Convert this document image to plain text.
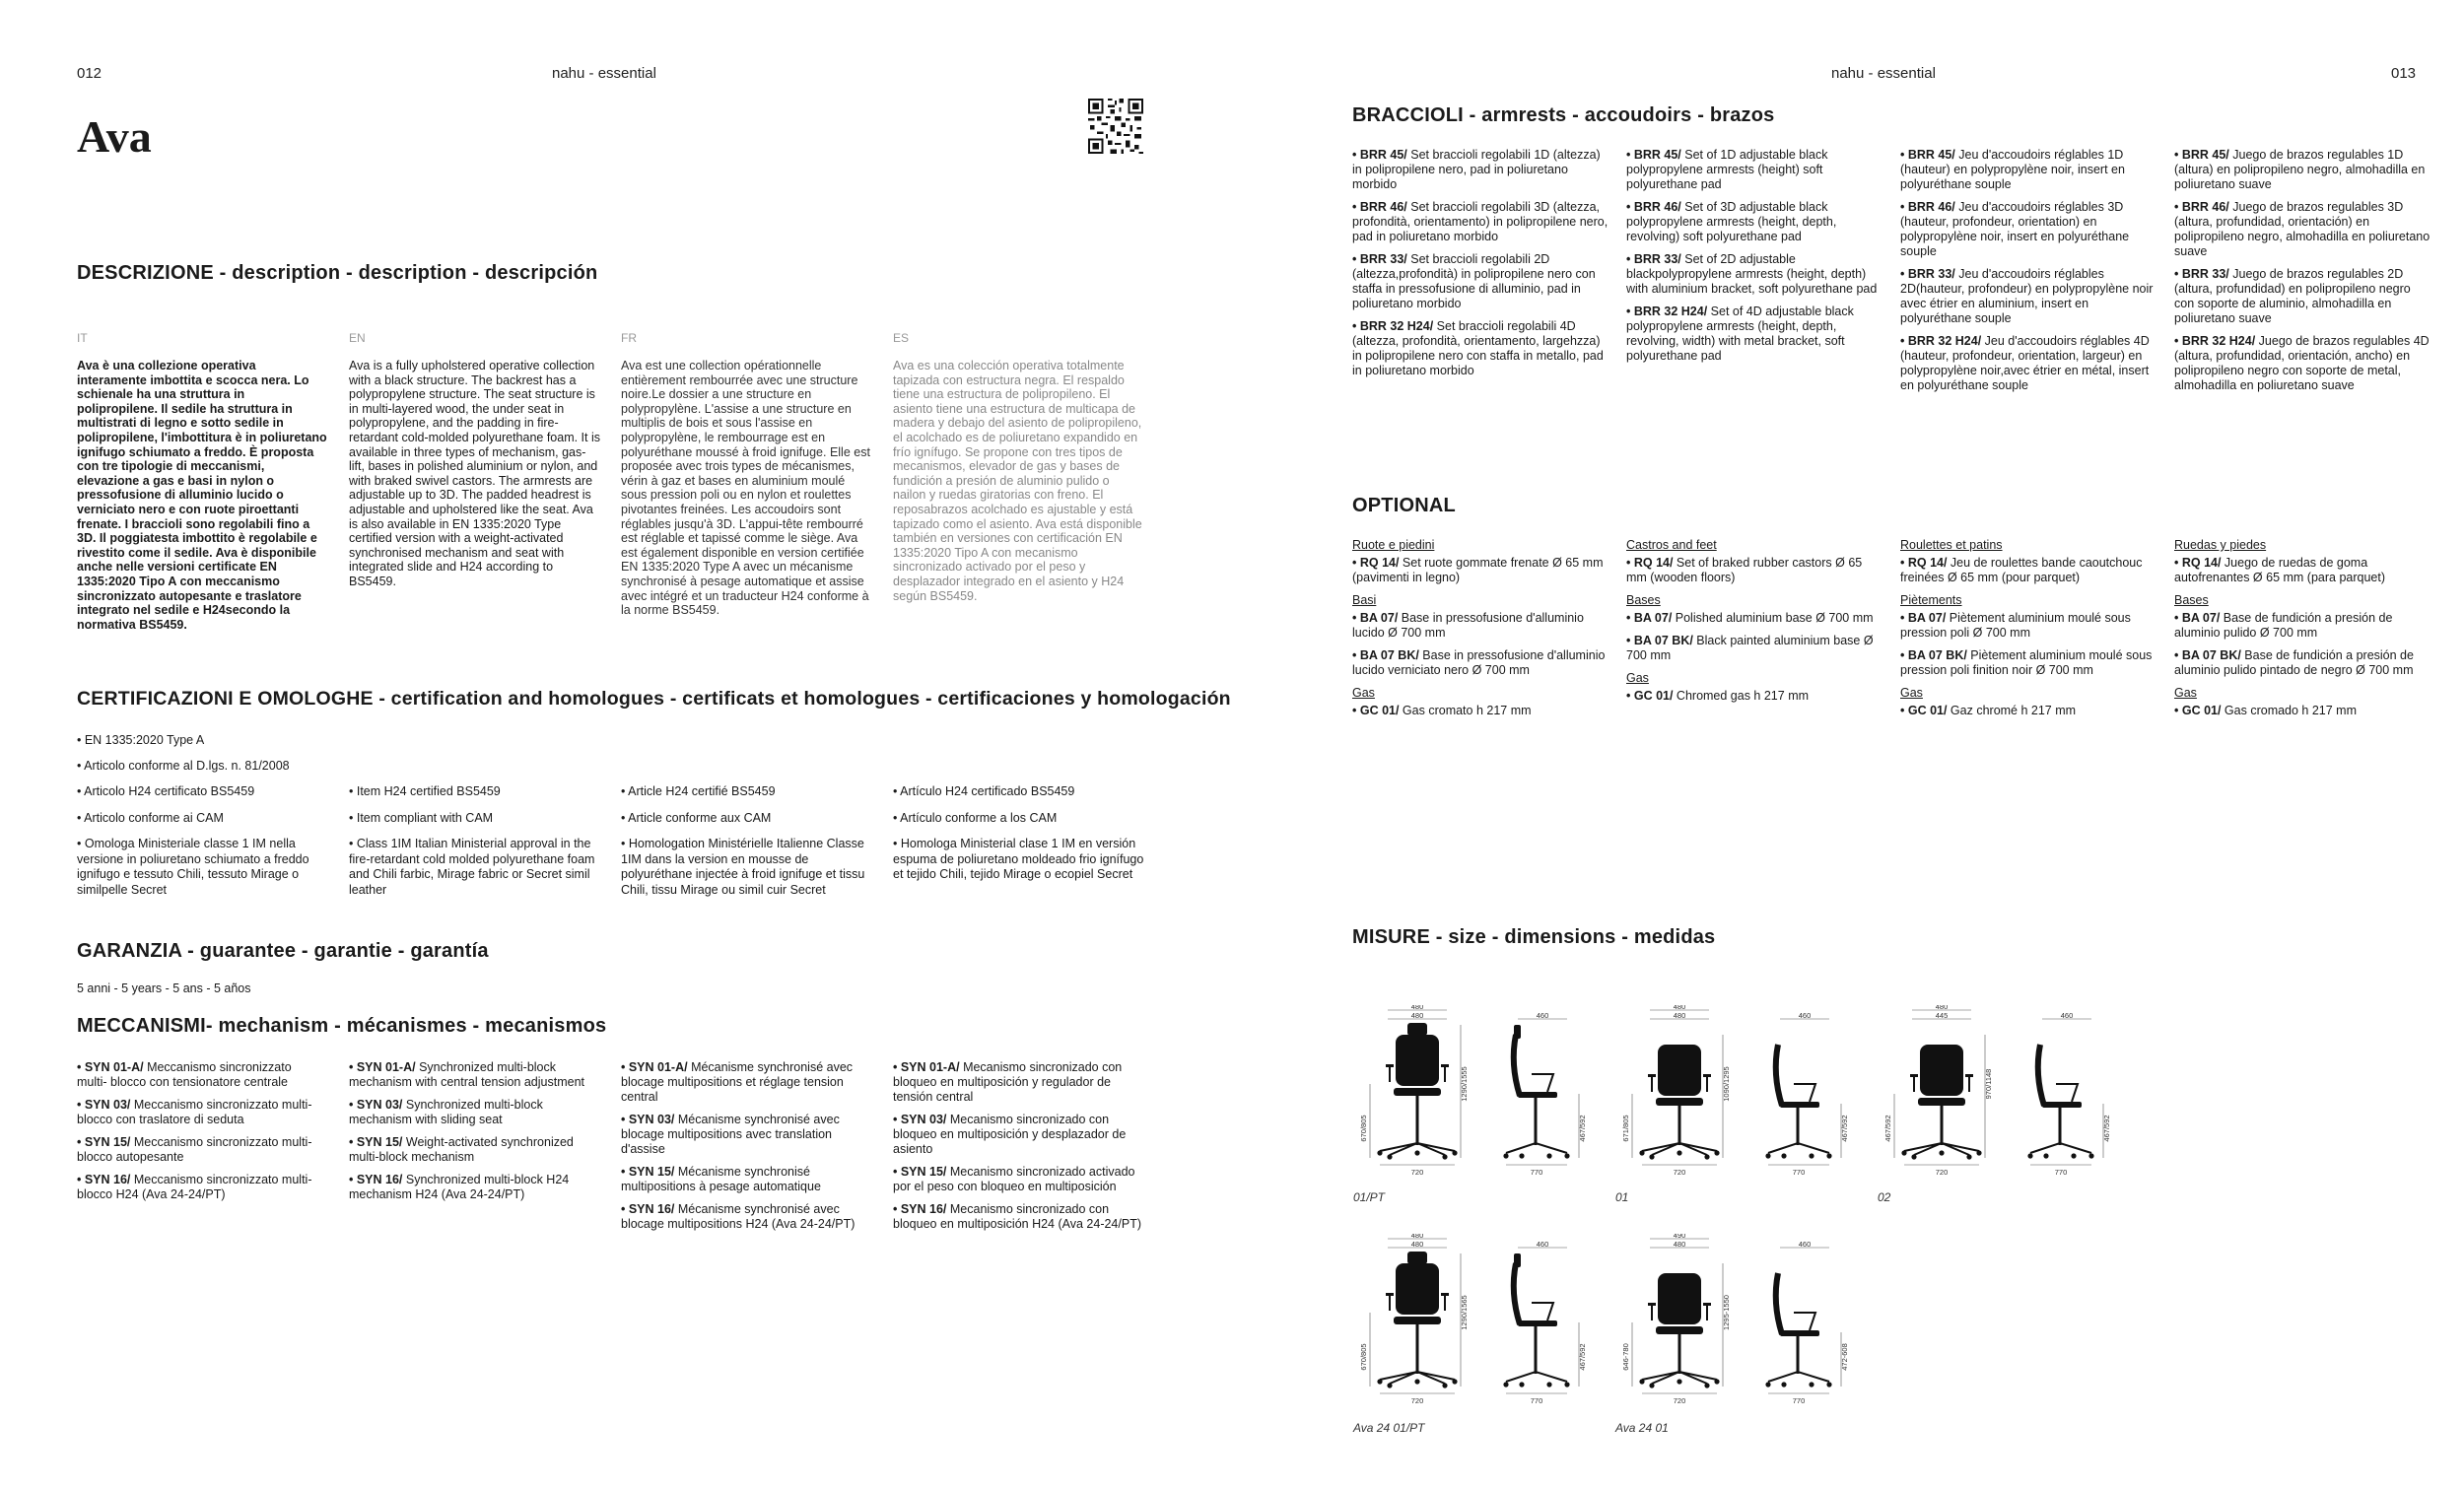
012	nahu - essential	nahu - essential	013
Ava
DESCRIZIONE - description - description - descripción
IT
Ava è una collezione operativa interamente imbottita e scocca nera. Lo schienale ha una struttura in polipropilene. Il sedile ha struttura in multistrati di legno e sotto sedile in polipropilene, l'imbottitura è in poliuretano ignifugo schiumato a freddo. È proposta con tre tipologie di meccanismi, elevazione a gas e basi in nylon o pressofusione di alluminio lucido o verniciato nero e con ruote piroettanti frenate. I braccioli sono regolabili fino a 3D. Il poggiatesta imbottito è regolabile e rivestito come il sedile. Ava è disponibile anche nelle versioni certificate EN 1335:2020 Tipo A con meccanismo sincronizzato autopesante e traslatore integrato nel sedile e H24secondo la normativa BS5459.
EN
Ava is a fully upholstered operative collection with a black structure. The backrest has a polypropylene structure. The seat structure is in multi-layered wood, the under seat in polypropylene, and the padding in fire-retardant cold-molded polyurethane foam. It is available in three types of mechanism, gas-lift, bases in polished aluminium or nylon, and with braked swivel castors. The armrests are adjustable up to 3D. The padded headrest is adjustable and upholstered like the seat. Ava is also available in EN 1335:2020 Type certified version with a weight-activated synchronised mechanism and seat with integrated slide and H24 according to BS5459.
FR
Ava est une collection opérationnelle entièrement rembourrée avec une structure noire.Le dossier a une structure en polypropylène. L'assise a une structure en multiplis de bois et sous l'assise en polypropylène, le rembourrage est en polyuréthane moussé à froid ignifuge. Elle est proposée avec trois types de mécanismes, vérin à gaz et bases en aluminium moulé sous pression poli ou en nylon et roulettes pivotantes freinées. Les accoudoirs sont réglables jusqu'à 3D. L'appui-tête rembourré est réglable et tapissé comme le siège. Ava est également disponible en version certifiée EN 1335:2020 Type A avec un mécanisme synchronisé à pesage automatique et assise avec intégré et un traducteur H24 conforme à la norme BS5459.
ES
Ava es una colección operativa totalmente tapizada con estructura negra. El respaldo tiene una estructura de polipropileno. El asiento tiene una estructura de multicapa de madera y debajo del asiento de polipropileno, el acolchado es de poliuretano expandido en frío ignífugo. Se propone con tres tipos de mecanismos, elevador de gas y bases de fundición a presión de aluminio pulido o nailon y ruedas giratorias con freno. El reposabrazos acolchado es ajustable y está tapizado como el asiento. Ava está disponible también en versiones con certificación EN 1335:2020 Tipo A con mecanismo sincronizado activado por el peso y desplazador integrado en el asiento y H24 según BS5459.
CERTIFICAZIONI E OMOLOGHE - certification and homologues - certificats et homologues - certificaciones y homologación
• EN 1335:2020 Type A
• Articolo conforme al D.lgs. n. 81/2008
• Articolo H24 certificato BS5459
• Articolo conforme ai CAM
• Omologa Ministeriale classe 1 IM nella versione in poliuretano schiumato a freddo ignifugo e tessuto Chili, tessuto Mirage o similpelle Secret
• Item H24 certified BS5459
• Item compliant with CAM
• Class 1IM Italian Ministerial approval in the fire-retardant cold molded polyurethane foam and Chili farbic, Mirage fabric or Secret simil leather
• Article H24 certifié BS5459
• Article conforme aux CAM
• Homologation Ministérielle Italienne Classe 1IM dans la version en mousse de polyuréthane injectée à froid ignifuge et tissu Chili, tissu Mirage ou simil cuir Secret
• Artículo H24 certificado BS5459
• Artículo conforme a los CAM
• Homologa Ministerial clase 1 IM en versión espuma de poliuretano moldeado frio ignífugo et tejido Chili, tejido Mirage o ecopiel Secret
GARANZIA - guarantee - garantie - garantía
5 anni - 5 years - 5 ans - 5 años
MECCANISMI- mechanism - mécanismes - mecanismos
• SYN 01-A/ Meccanismo sincronizzato multi- blocco con tensionatore centrale
• SYN 03/ Meccanismo sincronizzato multi-blocco con traslatore di seduta
• SYN 15/ Meccanismo sincronizzato multi-blocco autopesante
• SYN 16/ Meccanismo sincronizzato multi-blocco H24 (Ava 24-24/PT)
• SYN 01-A/ Synchronized multi-block mechanism with central tension adjustment
• SYN 03/ Synchronized multi-block mechanism with sliding seat
• SYN 15/ Weight-activated synchronized multi-block mechanism
• SYN 16/ Synchronized multi-block H24 mechanism H24 (Ava 24-24/PT)
• SYN 01-A/ Mécanisme synchronisé avec blocage multipositions et réglage tension central
• SYN 03/ Mécanisme synchronisé avec blocage multipositions avec translation d'assise
• SYN 15/ Mécanisme synchronisé multipositions à pesage automatique
• SYN 16/ Mécanisme synchronisé avec blocage multipositions H24 (Ava 24-24/PT)
• SYN 01-A/ Mecanismo sincronizado con bloqueo en multiposición y regulador de tensión central
• SYN 03/ Mecanismo sincronizado con bloqueo en multiposición y desplazador de asiento
• SYN 15/ Mecanismo sincronizado activado por el peso con bloqueo en multiposición
• SYN 16/ Mecanismo sincronizado con bloqueo en multiposición H24 (Ava 24-24/PT)
BRACCIOLI - armrests - accoudoirs - brazos
• BRR 45/ Set braccioli regolabili 1D (altezza) in polipropilene nero, pad in poliuretano morbido
• BRR 46/ Set braccioli regolabili 3D (altezza, profondità, orientamento) in polipropilene nero, pad in poliuretano morbido
• BRR 33/ Set braccioli regolabili 2D (altezza,profondità) in polipropilene nero con staffa in pressofusione di alluminio, pad in poliuretano morbido
• BRR 32 H24/ Set braccioli regolabili 4D (altezza, profondità, orientamento, largehzza) in polipropilene nero con staffa in metallo, pad in poliuretano morbido
• BRR 45/ Set of 1D adjustable black polypropylene armrests (height) soft polyurethane pad
• BRR 46/ Set of 3D adjustable black polypropylene armrests (height, depth, revolving) soft polyurethane pad
• BRR 33/ Set of 2D adjustable blackpolypropylene armrests (height, depth) with aluminium bracket, soft polyurethane pad
• BRR 32 H24/ Set of 4D adjustable black polypropylene armrests (height, depth, revolving, width) with metal bracket, soft polyurethane pad
• BRR 45/ Jeu d'accoudoirs réglables 1D (hauteur) en polypropylène noir, insert en polyuréthane souple
• BRR 46/ Jeu d'accoudoirs réglables 3D (hauteur, profondeur, orientation) en polypropylène noir, insert en polyuréthane souple
• BRR 33/ Jeu d'accoudoirs réglables 2D(hauteur, profondeur) en polypropylène noir avec étrier en aluminium, insert en polyuréthane souple
• BRR 32 H24/ Jeu d'accoudoirs réglables 4D (hauteur, profondeur, orientation, largeur) en polypropylène noir,avec étrier en métal, insert en polyuréthane souple
• BRR 45/ Juego de brazos regulables 1D (altura) en polipropileno negro, almohadilla en poliuretano suave
• BRR 46/ Juego de brazos regulables 3D (altura, profundidad, orientación) en polipropileno negro, almohadilla en poliuretano suave
• BRR 33/ Juego de brazos regulables 2D (altura, profundidad) en polipropileno negro con soporte de aluminio, almohadilla en poliuretano suave
• BRR 32 H24/ Juego de brazos regulables 4D (altura, profundidad, orientación, ancho) en polipropileno negro con soporte de metal, almohadilla en poliuretano suave
OPTIONAL
Ruote e piedini
• RQ 14/ Set ruote gommate frenate Ø 65 mm (pavimenti in legno)
Basi
• BA 07/ Base in pressofusione d'alluminio lucido Ø 700 mm
• BA 07 BK/ Base in pressofusione d'alluminio lucido verniciato nero Ø 700 mm
Gas
• GC 01/ Gas cromato h 217 mm
Castros and feet
• RQ 14/ Set of braked rubber castors Ø 65 mm (wooden floors)
Bases
• BA 07/ Polished aluminium base Ø 700 mm
• BA 07 BK/ Black painted aluminium base Ø 700 mm
Gas
• GC 01/ Chromed gas h 217 mm
Roulettes et patins
• RQ 14/ Jeu de roulettes bande caoutchouc freinées Ø 65 mm (pour parquet)
Piètements
• BA 07/ Piètement aluminium moulé sous pression poli Ø 700 mm
• BA 07 BK/ Piètement aluminium moulé sous pression poli finition noir Ø 700 mm
Gas
• GC 01/ Gaz chromé h 217 mm
Ruedas y piedes
• RQ 14/ Juego de ruedas de goma autofrenantes Ø 65 mm (para parquet)
Bases
• BA 07/ Base de fundición a presión de aluminio pulido Ø 700 mm
• BA 07 BK/ Base de fundición a presión de aluminio pulido pintado de negro Ø 700 mm
Gas
• GC 01/ Gas cromado h 217 mm
MISURE - size - dimensions - medidas
480
480
670/805
1290/1555
720
460
467/592
770
480
480
671/805
1090/1295
720
460
467/592
770
480
445
467/592
970/1148
720
460
467/592
770
480
480
670/805
1290/1565
720
460
467/592
770
490
480
646-780
1295-1550
720
460
472-608
770
01/PT	01	02
Ava 24 01/PT	Ava 24 01
